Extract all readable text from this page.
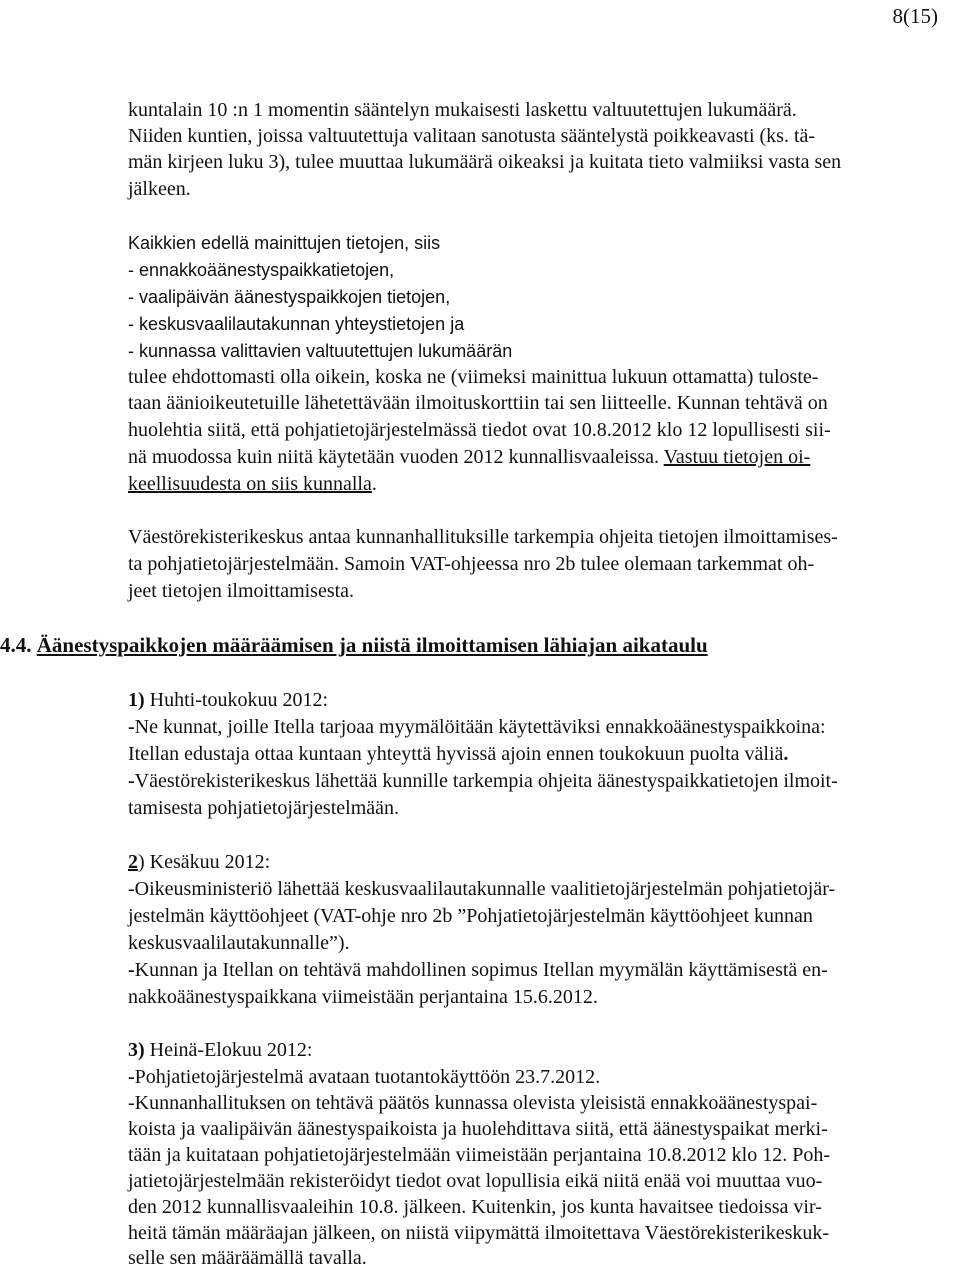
8(15)
kuntalain 10 :n 1 momentin sääntelyn mukaisesti laskettu valtuutettujen lukumäärä.
Niiden kuntien, joissa valtuutettuja valitaan sanotusta sääntelystä poikkeavasti (ks. tä-
män kirjeen luku 3), tulee muuttaa lukumäärä oikeaksi ja kuitata tieto valmiiksi vasta sen
jälkeen.
Kaikkien edellä mainittujen tietojen, siis
- ennakkoäänestyspaikkatietojen,
- vaalipäivän äänestyspaikkojen tietojen,
- keskusvaalilautakunnan yhteystietojen ja
- kunnassa valittavien valtuutettujen lukumäärän
tulee ehdottomasti olla oikein, koska ne (viimeksi mainittua lukuun ottamatta) tuloste-
taan äänioikeutetuille lähetettävään ilmoituskorttiin tai sen liitteelle. Kunnan tehtävä on
huolehtia siitä, että pohjatietojärjestelmässä tiedot ovat 10.8.2012 klo 12 lopullisesti sii-
nä muodossa kuin niitä käytetään vuoden 2012 kunnallisvaaleissa. Vastuu tietojen oi-
keellisuudesta on siis kunnalla.
Väestörekisterikeskus antaa kunnanhallituksille tarkempia ohjeita tietojen ilmoittamises-
ta pohjatietojärjestelmään. Samoin VAT-ohjeessa nro 2b tulee olemaan tarkemmat oh-
jeet tietojen ilmoittamisesta.
4.4. Äänestyspaikkojen määräämisen ja niistä ilmoittamisen lähiajan aikataulu
1) Huhti-toukokuu 2012:
-Ne kunnat, joille Itella tarjoaa myymälöitään käytettäviksi ennakkoäänestyspaikkoina:
Itellan edustaja ottaa kuntaan yhteyttä hyvissä ajoin ennen toukokuun puolta väliä.
-Väestörekisterikeskus lähettää kunnille tarkempia ohjeita äänestyspaikkatietojen ilmoit-
tamisesta pohjatietojärjestelmään.
2) Kesäkuu 2012:
-Oikeusministeriö lähettää keskusvaalilautakunnalle vaalitietojärjestelmän pohjatietojär-
jestelmän käyttöohjeet (VAT-ohje nro 2b ”Pohjatietojärjestelmän käyttöohjeet kunnan
keskusvaalilautakunnalle”).
-Kunnan ja Itellan on tehtävä mahdollinen sopimus Itellan myymälän käyttämisestä en-
nakkoäänestyspaikkana viimeistään perjantaina 15.6.2012.
3) Heinä-Elokuu 2012:
-Pohjatietojärjestelmä avataan tuotantokäyttöön 23.7.2012.
-Kunnanhallituksen on tehtävä päätös kunnassa olevista yleisistä ennakkoäänestyspai-
koista ja vaalipäivän äänestyspaikoista ja huolehdittava siitä, että äänestyspaikat merki-
tään ja kuitataan pohjatietojärjestelmään viimeistään perjantaina 10.8.2012 klo 12. Poh-
jatietojärjestelmään rekisteröidyt tiedot ovat lopullisia eikä niitä enää voi muuttaa vuo-
den 2012 kunnallisvaaleihin 10.8. jälkeen. Kuitenkin, jos kunta havaitsee tiedoissa vir-
heitä tämän määräajan jälkeen, on niistä viipymättä ilmoitettava Väestörekisterikeskuk-
selle sen määräämällä tavalla.
